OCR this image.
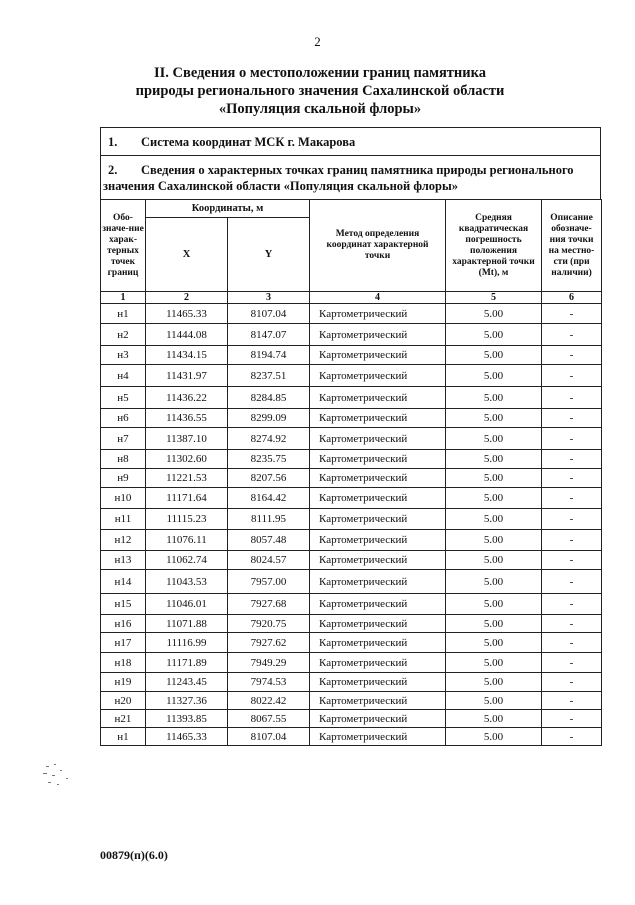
2
II. Сведения о местоположении границ памятника
природы регионального значения Сахалинской области
«Популяция скальной флоры»
1. Система координат МСК г. Макарова
2. Сведения о характерных точках границ памятника природы регионального
значения Сахалинской области «Популяция скальной флоры»
Обо-значе-ние харак-терных точек границ	Координаты, м		Метод определения координат характерной точки	Средняя квадратическая погрешность положения характерной точки (Mt), м	Описание обозначе-ния точки на местно-сти (при наличии)
	X	Y			
1	2	3	4	5	6
н1	11465.33	8107.04	Картометрический	5.00	-
н2	11444.08	8147.07	Картометрический	5.00	-
н3	11434.15	8194.74	Картометрический	5.00	-
н4	11431.97	8237.51	Картометрический	5.00	-
н5	11436.22	8284.85	Картометрический	5.00	-
н6	11436.55	8299.09	Картометрический	5.00	-
н7	11387.10	8274.92	Картометрический	5.00	-
н8	11302.60	8235.75	Картометрический	5.00	-
н9	11221.53	8207.56	Картометрический	5.00	-
н10	11171.64	8164.42	Картометрический	5.00	-
н11	11115.23	8111.95	Картометрический	5.00	-
н12	11076.11	8057.48	Картометрический	5.00	-
н13	11062.74	8024.57	Картометрический	5.00	-
н14	11043.53	7957.00	Картометрический	5.00	-
н15	11046.01	7927.68	Картометрический	5.00	-
н16	11071.88	7920.75	Картометрический	5.00	-
н17	11116.99	7927.62	Картометрический	5.00	-
н18	11171.89	7949.29	Картометрический	5.00	-
н19	11243.45	7974.53	Картометрический	5.00	-
н20	11327.36	8022.42	Картометрический	5.00	-
н21	11393.85	8067.55	Картометрический	5.00	-
н1	11465.33	8107.04	Картометрический	5.00	-
00879(п)(6.0)
